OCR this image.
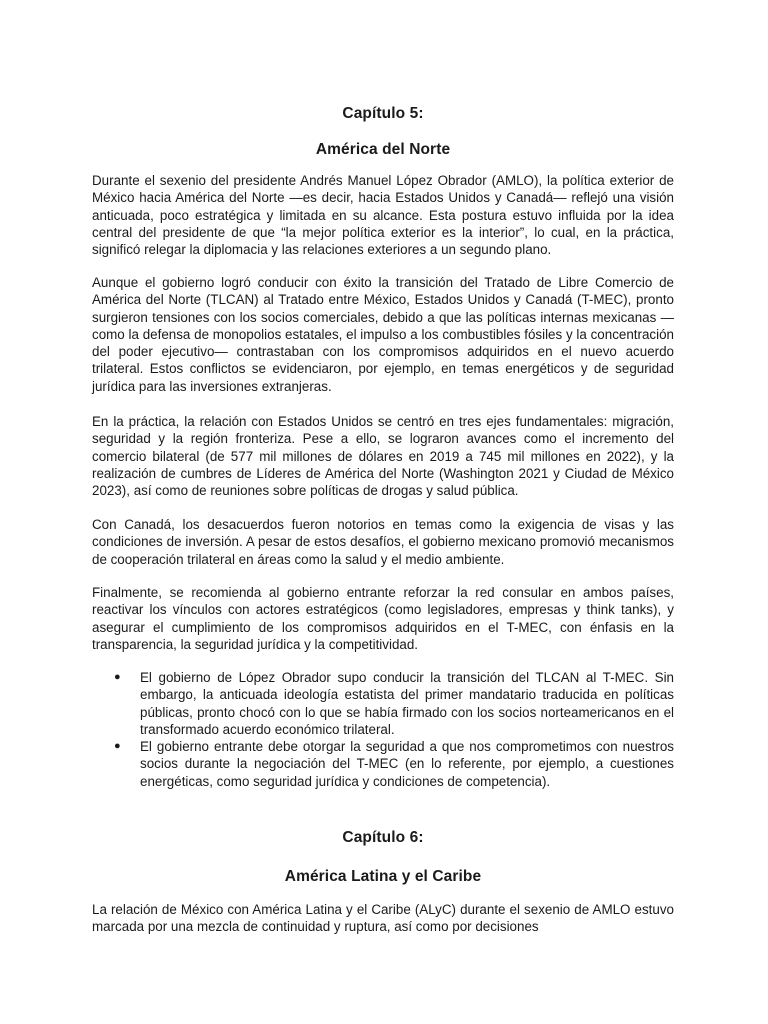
Capítulo 5:
América del Norte

Durante el sexenio del presidente Andrés Manuel López Obrador (AMLO), la política exterior de México hacia América del Norte —es decir, hacia Estados Unidos y Canadá— reflejó una visión anticuada, poco estratégica y limitada en su alcance. Esta postura estuvo influida por la idea central del presidente de que “la mejor política exterior es la interior”, lo cual, en la práctica, significó relegar la diplomacia y las relaciones exteriores a un segundo plano.

Aunque el gobierno logró conducir con éxito la transición del Tratado de Libre Comercio de América del Norte (TLCAN) al Tratado entre México, Estados Unidos y Canadá (T-MEC), pronto surgieron tensiones con los socios comerciales, debido a que las políticas internas mexicanas —como la defensa de monopolios estatales, el impulso a los combustibles fósiles y la concentración del poder ejecutivo— contrastaban con los compromisos adquiridos en el nuevo acuerdo trilateral. Estos conflictos se evidenciaron, por ejemplo, en temas energéticos y de seguridad jurídica para las inversiones extranjeras.

En la práctica, la relación con Estados Unidos se centró en tres ejes fundamentales: migración, seguridad y la región fronteriza. Pese a ello, se lograron avances como el incremento del comercio bilateral (de 577 mil millones de dólares en 2019 a 745 mil millones en 2022), y la realización de cumbres de Líderes de América del Norte (Washington 2021 y Ciudad de México 2023), así como de reuniones sobre políticas de drogas y salud pública.

Con Canadá, los desacuerdos fueron notorios en temas como la exigencia de visas y las condiciones de inversión. A pesar de estos desafíos, el gobierno mexicano promovió mecanismos de cooperación trilateral en áreas como la salud y el medio ambiente.

Finalmente, se recomienda al gobierno entrante reforzar la red consular en ambos países, reactivar los vínculos con actores estratégicos (como legisladores, empresas y think tanks), y asegurar el cumplimiento de los compromisos adquiridos en el T-MEC, con énfasis en la transparencia, la seguridad jurídica y la competitividad.

● El gobierno de López Obrador supo conducir la transición del TLCAN al T-MEC. Sin embargo, la anticuada ideología estatista del primer mandatario traducida en políticas públicas, pronto chocó con lo que se había firmado con los socios norteamericanos en el transformado acuerdo económico trilateral.
● El gobierno entrante debe otorgar la seguridad a que nos comprometimos con nuestros socios durante la negociación del T-MEC (en lo referente, por ejemplo, a cuestiones energéticas, como seguridad jurídica y condiciones de competencia).
Capítulo 6:
América Latina y el Caribe

La relación de México con América Latina y el Caribe (ALyC) durante el sexenio de AMLO estuvo marcada por una mezcla de continuidad y ruptura, así como por decisiones
